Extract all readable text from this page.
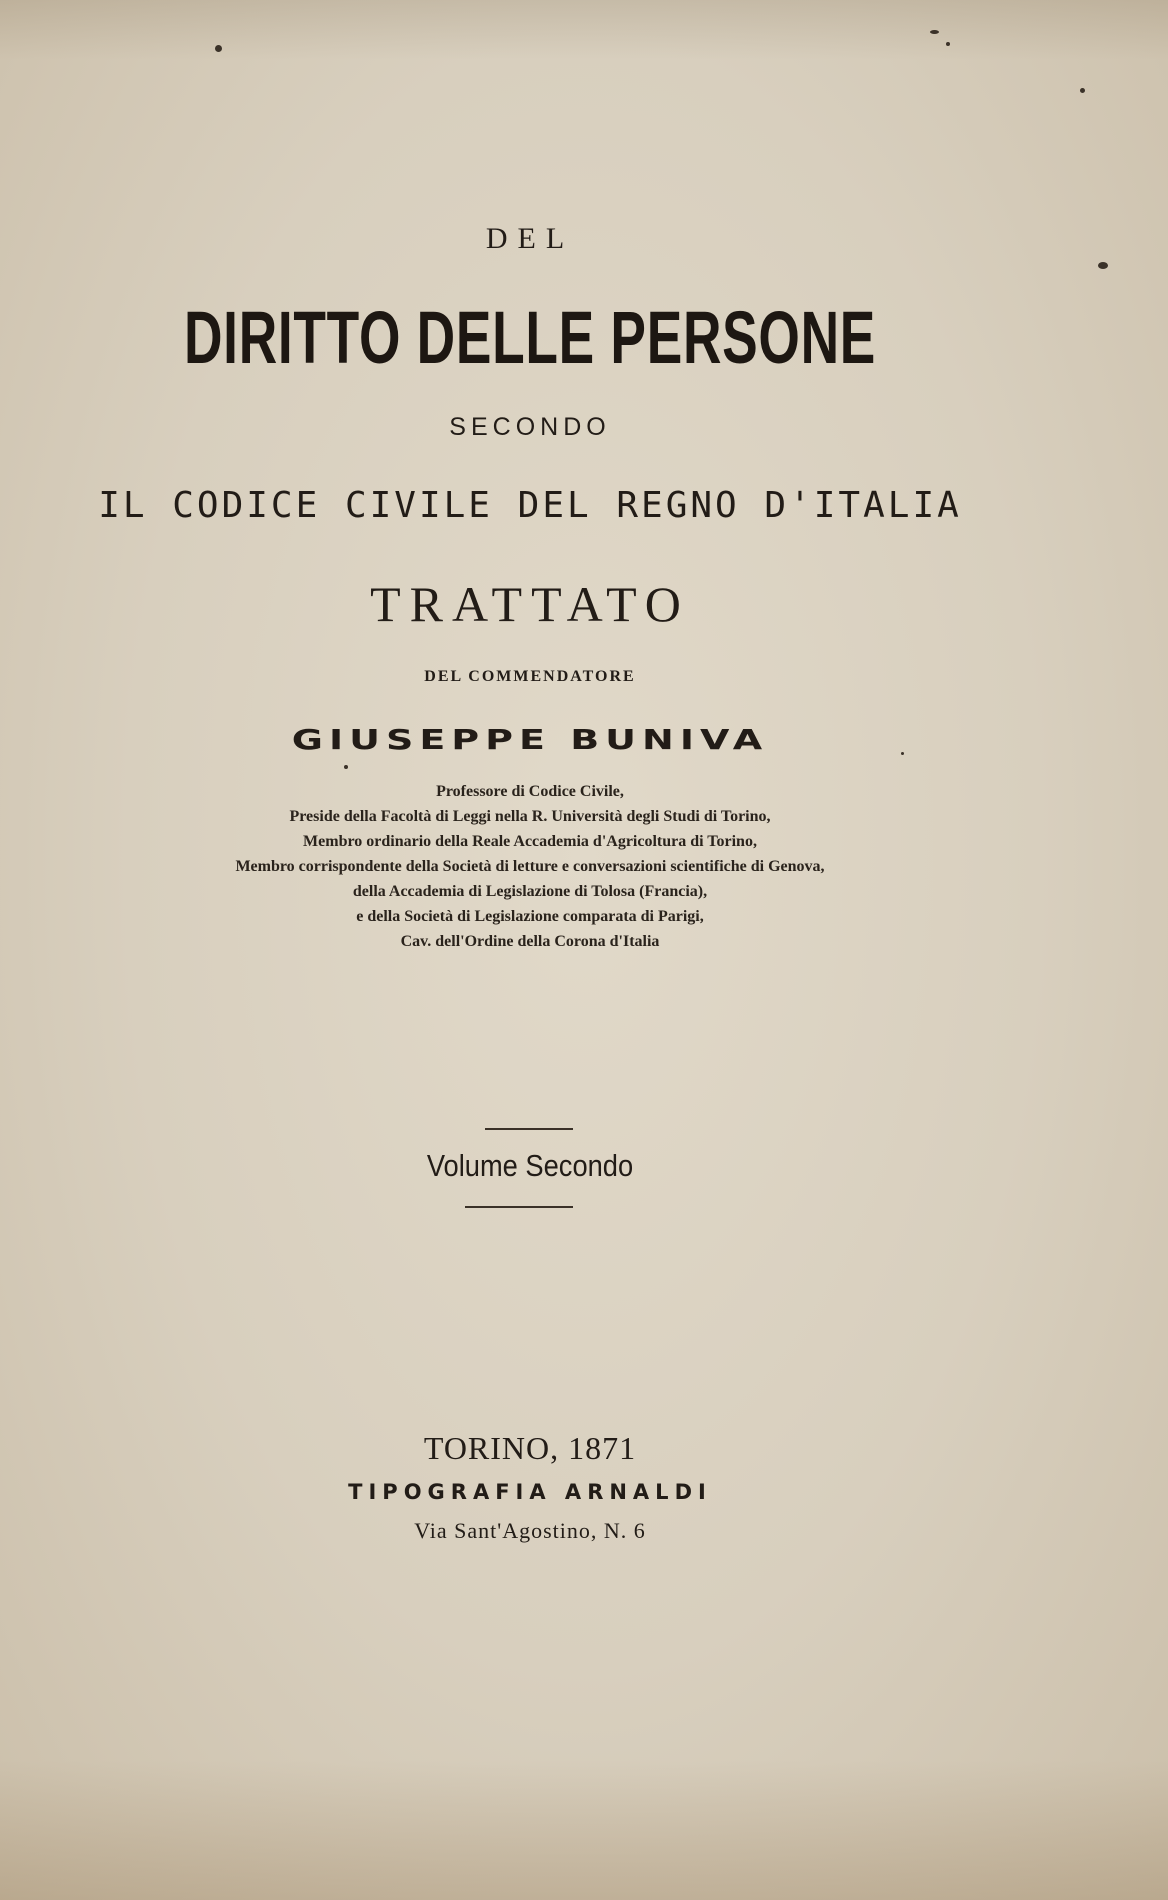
DEL
DIRITTO DELLE PERSONE
SECONDO
IL CODICE CIVILE DEL REGNO D'ITALIA
TRATTATO
DEL COMMENDATORE
GIUSEPPE BUNIVA
Professore di Codice Civile,
Preside della Facoltà di Leggi nella R. Università degli Studi di Torino,
Membro ordinario della Reale Accademia d'Agricoltura di Torino,
Membro corrispondente della Società di letture e conversazioni scientifiche di Genova,
della Accademia di Legislazione di Tolosa (Francia),
e della Società di Legislazione comparata di Parigi,
Cav. dell'Ordine della Corona d'Italia
Volume Secondo
TORINO, 1871
TIPOGRAFIA ARNALDI
Via Sant'Agostino, N. 6
